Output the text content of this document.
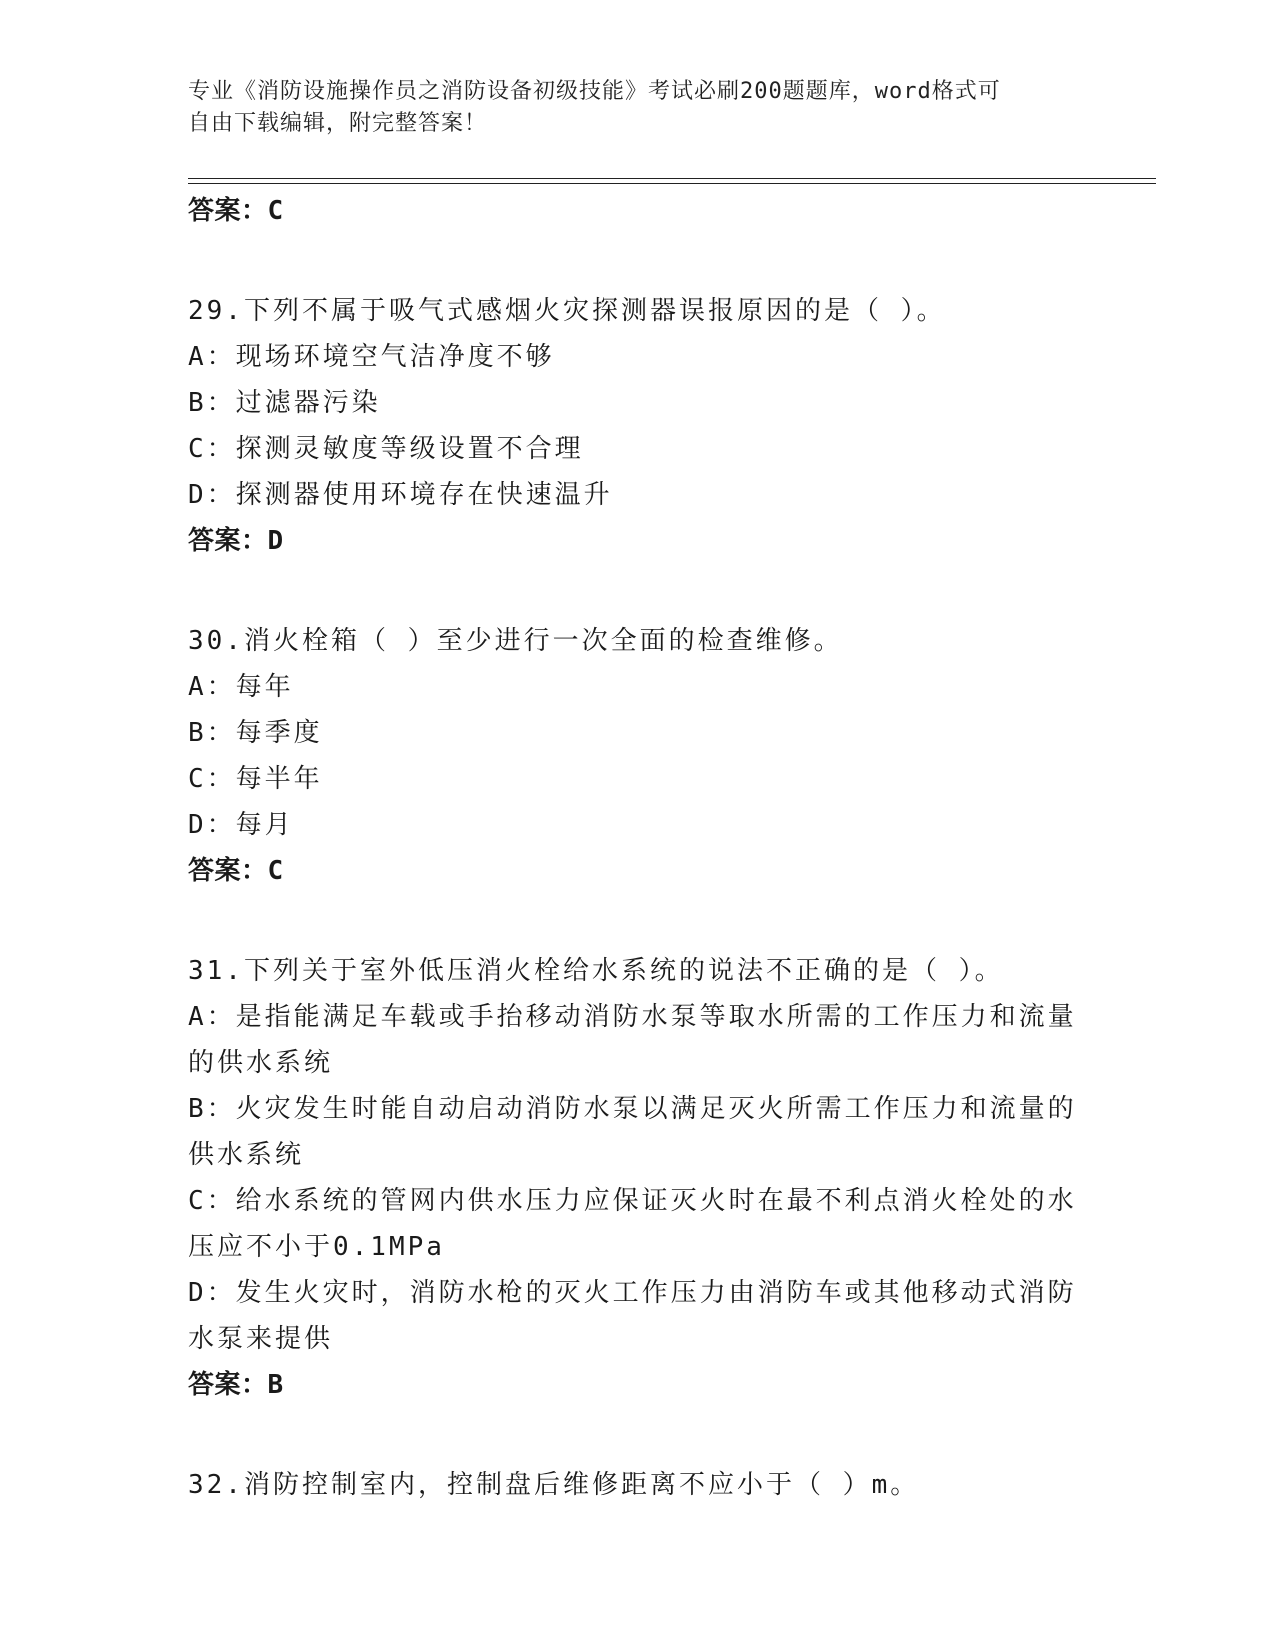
专业《消防设施操作员之消防设备初级技能》考试必刷200题题库，word格式可
自由下载编辑，附完整答案！
答案：C
29.下列不属于吸气式感烟火灾探测器误报原因的是（ ）。
A：现场环境空气洁净度不够
B：过滤器污染
C：探测灵敏度等级设置不合理
D：探测器使用环境存在快速温升
答案：D
30.消火栓箱（ ）至少进行一次全面的检查维修。
A：每年
B：每季度
C：每半年
D：每月
答案：C
31.下列关于室外低压消火栓给水系统的说法不正确的是（ ）。
A：是指能满足车载或手抬移动消防水泵等取水所需的工作压力和流量的供水系统
B：火灾发生时能自动启动消防水泵以满足灭火所需工作压力和流量的供水系统
C：给水系统的管网内供水压力应保证灭火时在最不利点消火栓处的水压应不小于0.1MPa
D：发生火灾时，消防水枪的灭火工作压力由消防车或其他移动式消防水泵来提供
答案：B
32.消防控制室内，控制盘后维修距离不应小于（ ）m。
